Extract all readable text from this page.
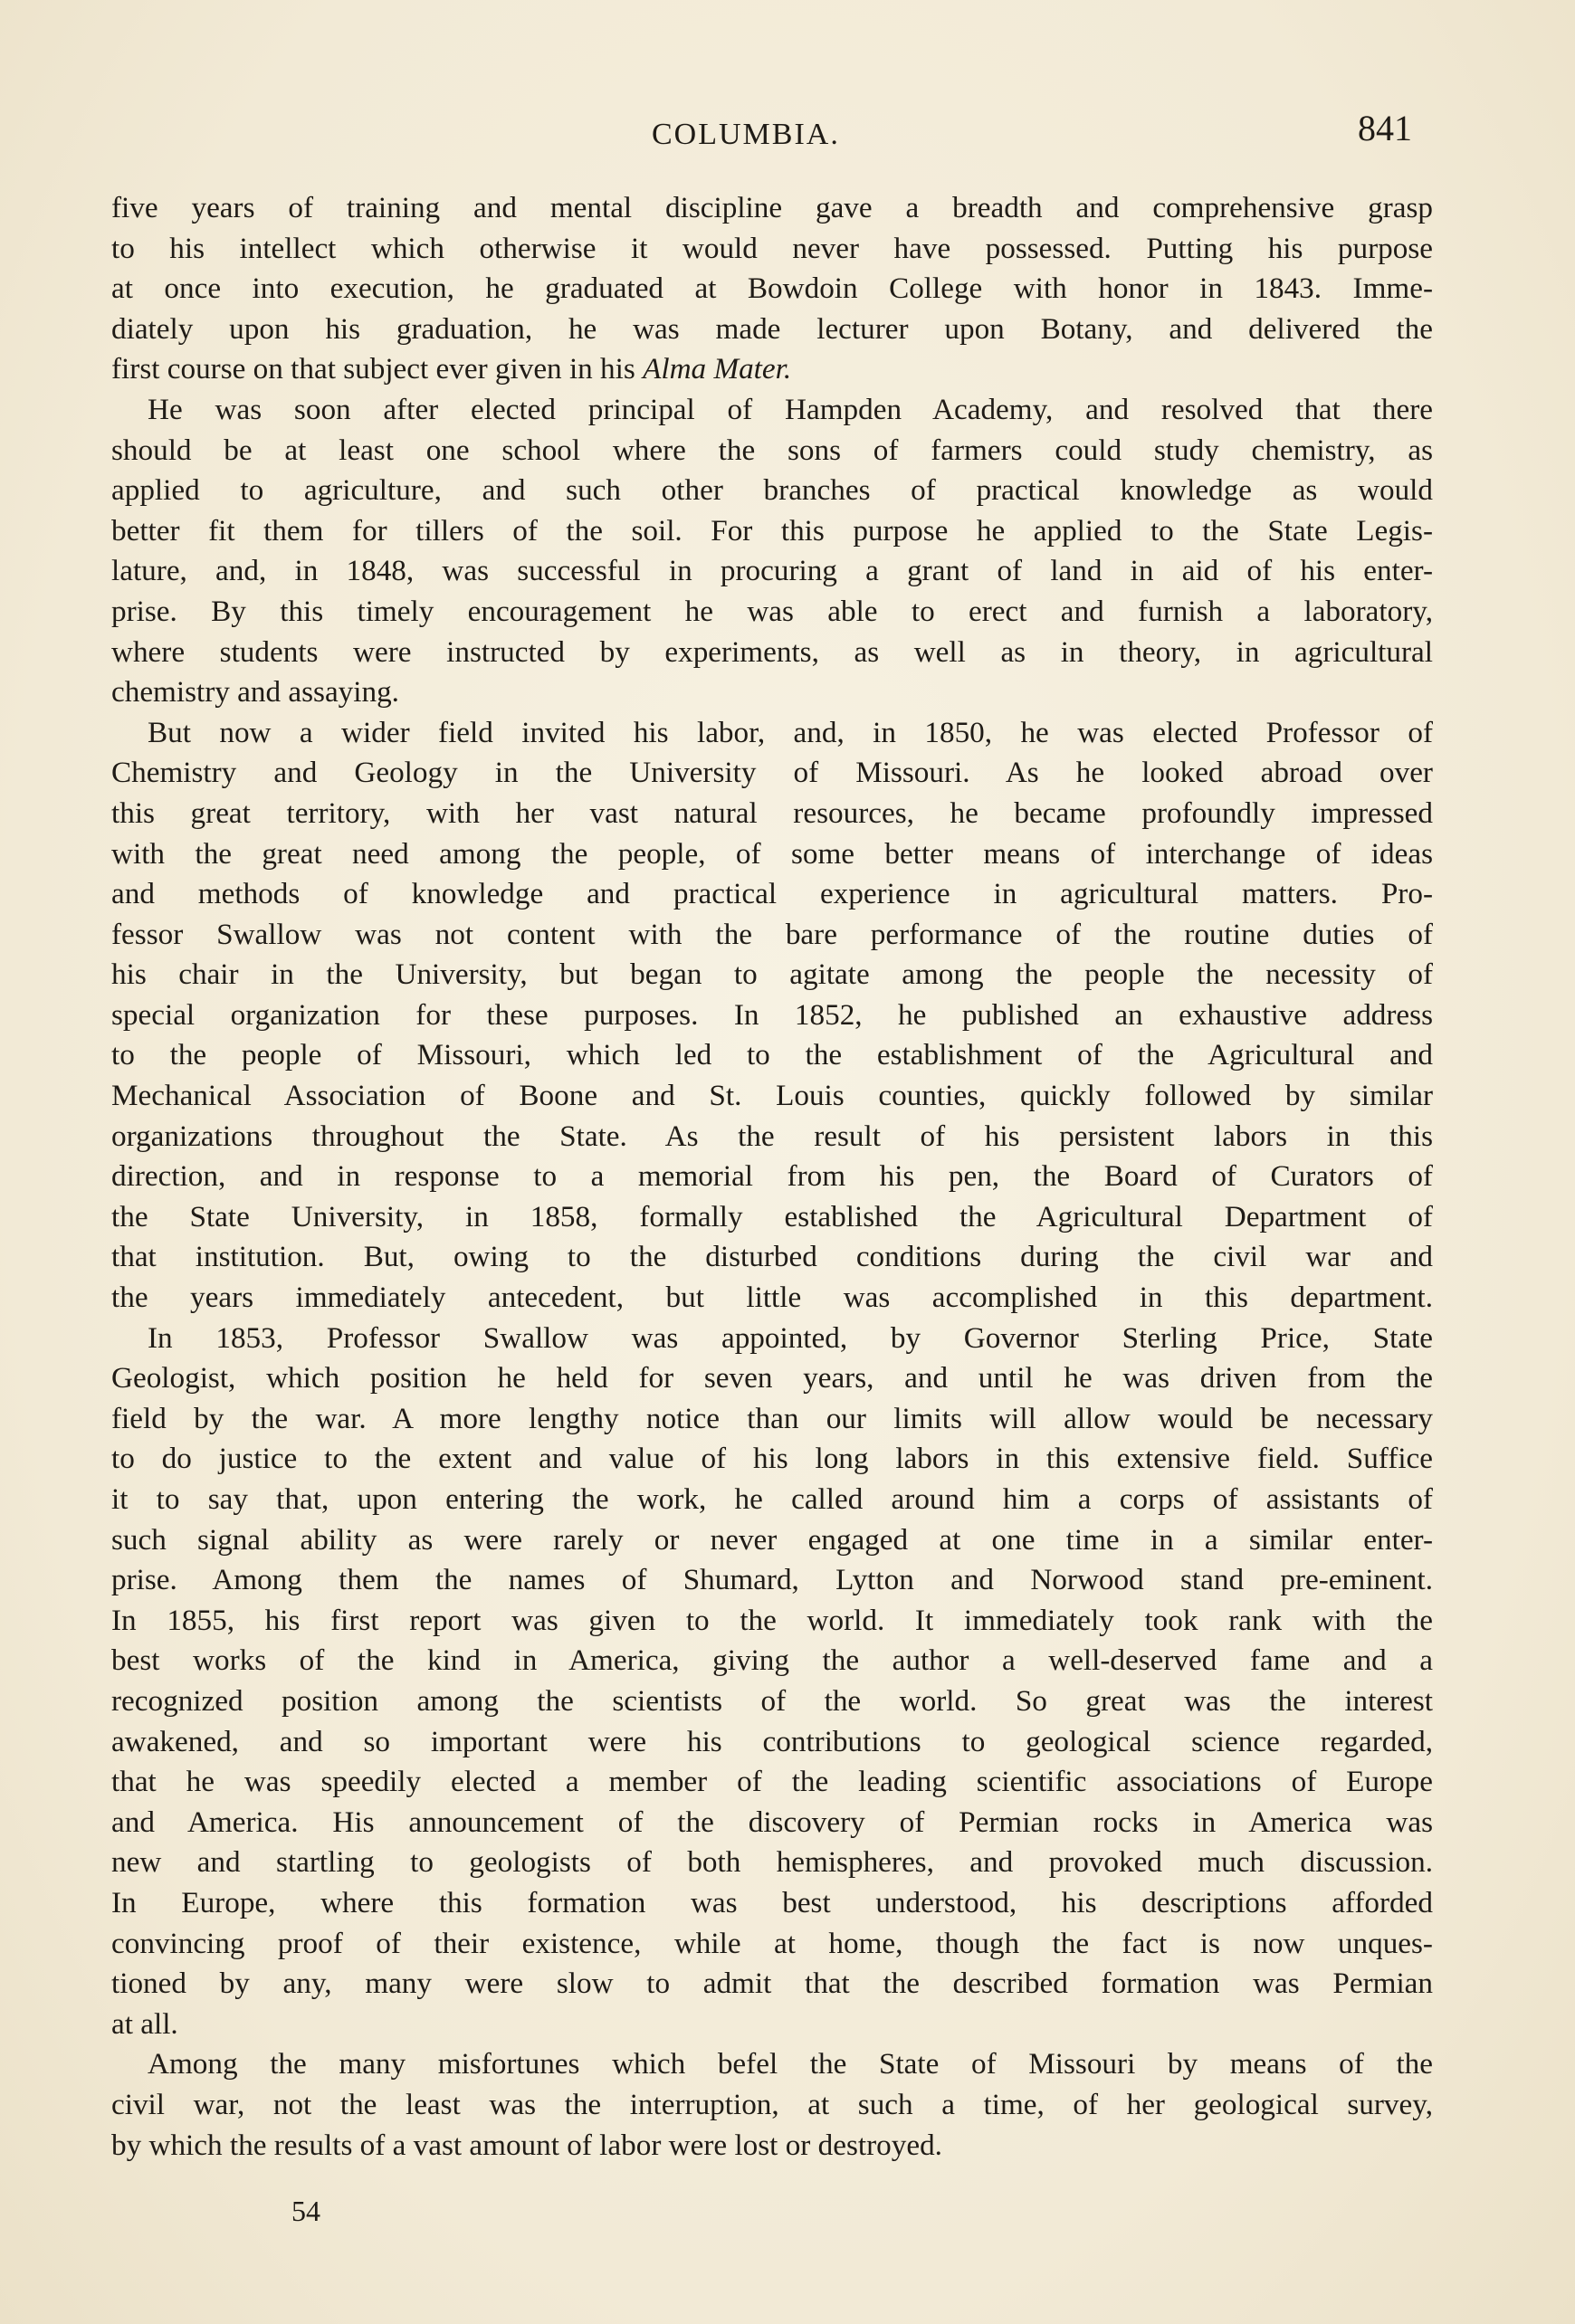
COLUMBIA.	841
five years of training and mental discipline gave a breadth and comprehensive grasp
to his intellect which otherwise it would never have possessed. Putting his purpose
at once into execution, he graduated at Bowdoin College with honor in 1843. Imme-
diately upon his graduation, he was made lecturer upon Botany, and delivered the
first course on that subject ever given in his Alma Mater.
He was soon after elected principal of Hampden Academy, and resolved that there
should be at least one school where the sons of farmers could study chemistry, as
applied to agriculture, and such other branches of practical knowledge as would
better fit them for tillers of the soil. For this purpose he applied to the State Legis-
lature, and, in 1848, was successful in procuring a grant of land in aid of his enter-
prise. By this timely encouragement he was able to erect and furnish a laboratory,
where students were instructed by experiments, as well as in theory, in agricultural
chemistry and assaying.
But now a wider field invited his labor, and, in 1850, he was elected Professor of
Chemistry and Geology in the University of Missouri. As he looked abroad over
this great territory, with her vast natural resources, he became profoundly impressed
with the great need among the people, of some better means of interchange of ideas
and methods of knowledge and practical experience in agricultural matters. Pro-
fessor Swallow was not content with the bare performance of the routine duties of
his chair in the University, but began to agitate among the people the necessity of
special organization for these purposes. In 1852, he published an exhaustive address
to the people of Missouri, which led to the establishment of the Agricultural and
Mechanical Association of Boone and St. Louis counties, quickly followed by similar
organizations throughout the State. As the result of his persistent labors in this
direction, and in response to a memorial from his pen, the Board of Curators of
the State University, in 1858, formally established the Agricultural Department of
that institution. But, owing to the disturbed conditions during the civil war and
the years immediately antecedent, but little was accomplished in this department.
In 1853, Professor Swallow was appointed, by Governor Sterling Price, State
Geologist, which position he held for seven years, and until he was driven from the
field by the war. A more lengthy notice than our limits will allow would be necessary
to do justice to the extent and value of his long labors in this extensive field. Suffice
it to say that, upon entering the work, he called around him a corps of assistants of
such signal ability as were rarely or never engaged at one time in a similar enter-
prise. Among them the names of Shumard, Lytton and Norwood stand pre-eminent.
In 1855, his first report was given to the world. It immediately took rank with the
best works of the kind in America, giving the author a well-deserved fame and a
recognized position among the scientists of the world. So great was the interest
awakened, and so important were his contributions to geological science regarded,
that he was speedily elected a member of the leading scientific associations of Europe
and America. His announcement of the discovery of Permian rocks in America was
new and startling to geologists of both hemispheres, and provoked much discussion.
In Europe, where this formation was best understood, his descriptions afforded
convincing proof of their existence, while at home, though the fact is now unques-
tioned by any, many were slow to admit that the described formation was Permian
at all.
Among the many misfortunes which befel the State of Missouri by means of the
civil war, not the least was the interruption, at such a time, of her geological survey,
by which the results of a vast amount of labor were lost or destroyed.
54
